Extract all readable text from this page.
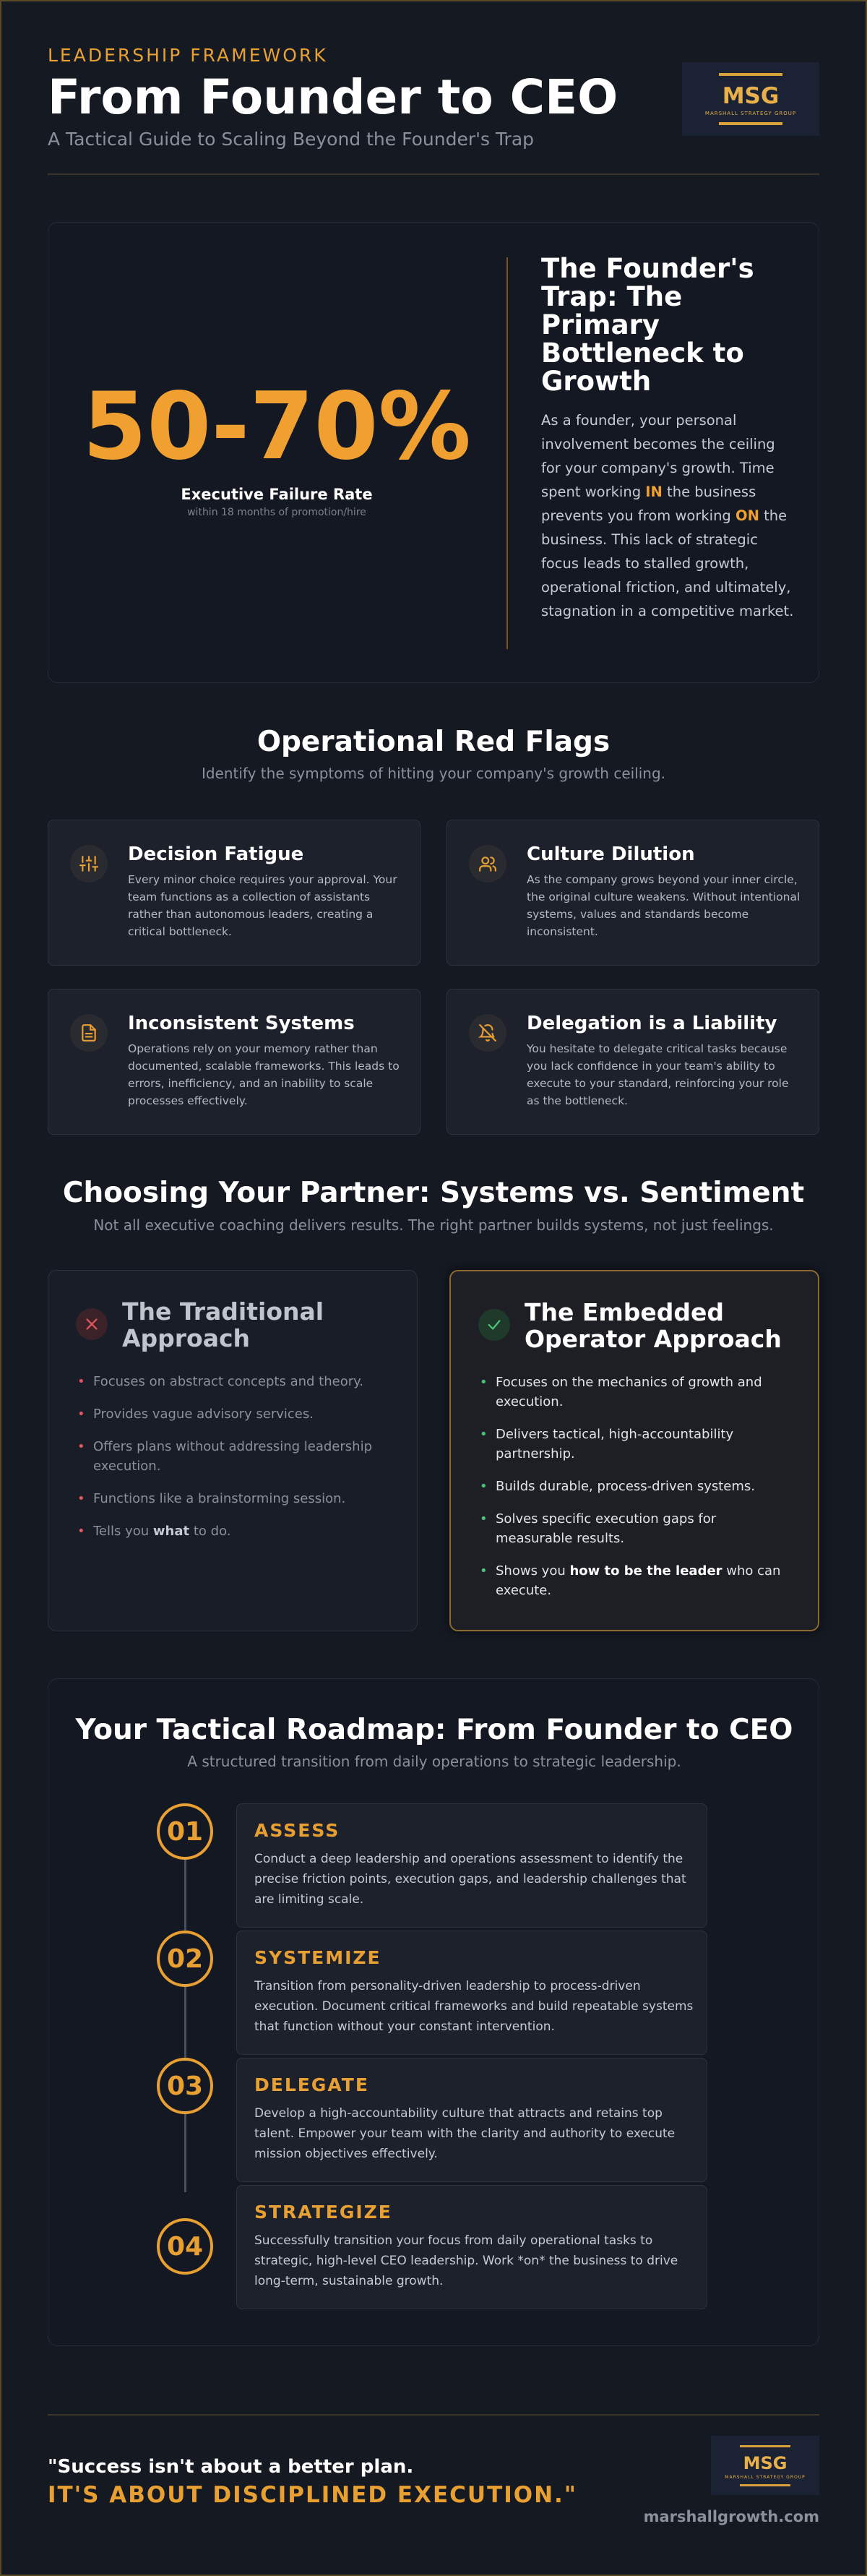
LEADERSHIP FRAMEWORK
From Founder to CEO
A Tactical Guide to Scaling Beyond the Founder's Trap
MSG
MARSHALL STRATEGY GROUP
50-70%
Executive Failure Rate
within 18 months of promotion/hire
The Founder's Trap: The Primary Bottleneck to Growth
As a founder, your personal involvement becomes the ceiling for your company's growth. Time spent working IN the business prevents you from working ON the business. This lack of strategic focus leads to stalled growth, operational friction, and ultimately, stagnation in a competitive market.
Operational Red Flags
Identify the symptoms of hitting your company's growth ceiling.
Decision Fatigue
Every minor choice requires your approval. Your team functions as a collection of assistants rather than autonomous leaders, creating a critical bottleneck.
Culture Dilution
As the company grows beyond your inner circle, the original culture weakens. Without intentional systems, values and standards become inconsistent.
Inconsistent Systems
Operations rely on your memory rather than documented, scalable frameworks. This leads to errors, inefficiency, and an inability to scale processes effectively.
Delegation is a Liability
You hesitate to delegate critical tasks because you lack confidence in your team's ability to execute to your standard, reinforcing your role as the bottleneck.
Choosing Your Partner: Systems vs. Sentiment
Not all executive coaching delivers results. The right partner builds systems, not just feelings.
The Traditional Approach
• Focuses on abstract concepts and theory.
• Provides vague advisory services.
• Offers plans without addressing leadership execution.
• Functions like a brainstorming session.
• Tells you what to do.
The Embedded Operator Approach
• Focuses on the mechanics of growth and execution.
• Delivers tactical, high-accountability partnership.
• Builds durable, process-driven systems.
• Solves specific execution gaps for measurable results.
• Shows you how to be the leader who can execute.
Your Tactical Roadmap: From Founder to CEO
A structured transition from daily operations to strategic leadership.
01	ASSESS
Conduct a deep leadership and operations assessment to identify the precise friction points, execution gaps, and leadership challenges that are limiting scale.
02	SYSTEMIZE
Transition from personality-driven leadership to process-driven execution. Document critical frameworks and build repeatable systems that function without your constant intervention.
03	DELEGATE
Develop a high-accountability culture that attracts and retains top talent. Empower your team with the clarity and authority to execute mission objectives effectively.
04
STRATEGIZE
Successfully transition your focus from daily operational tasks to strategic, high-level CEO leadership. Work *on* the business to drive long-term, sustainable growth.
"Success isn't about a better plan.
IT'S ABOUT DISCIPLINED EXECUTION."
MSG
MARSHALL STRATEGY GROUP
marshallgrowth.com
